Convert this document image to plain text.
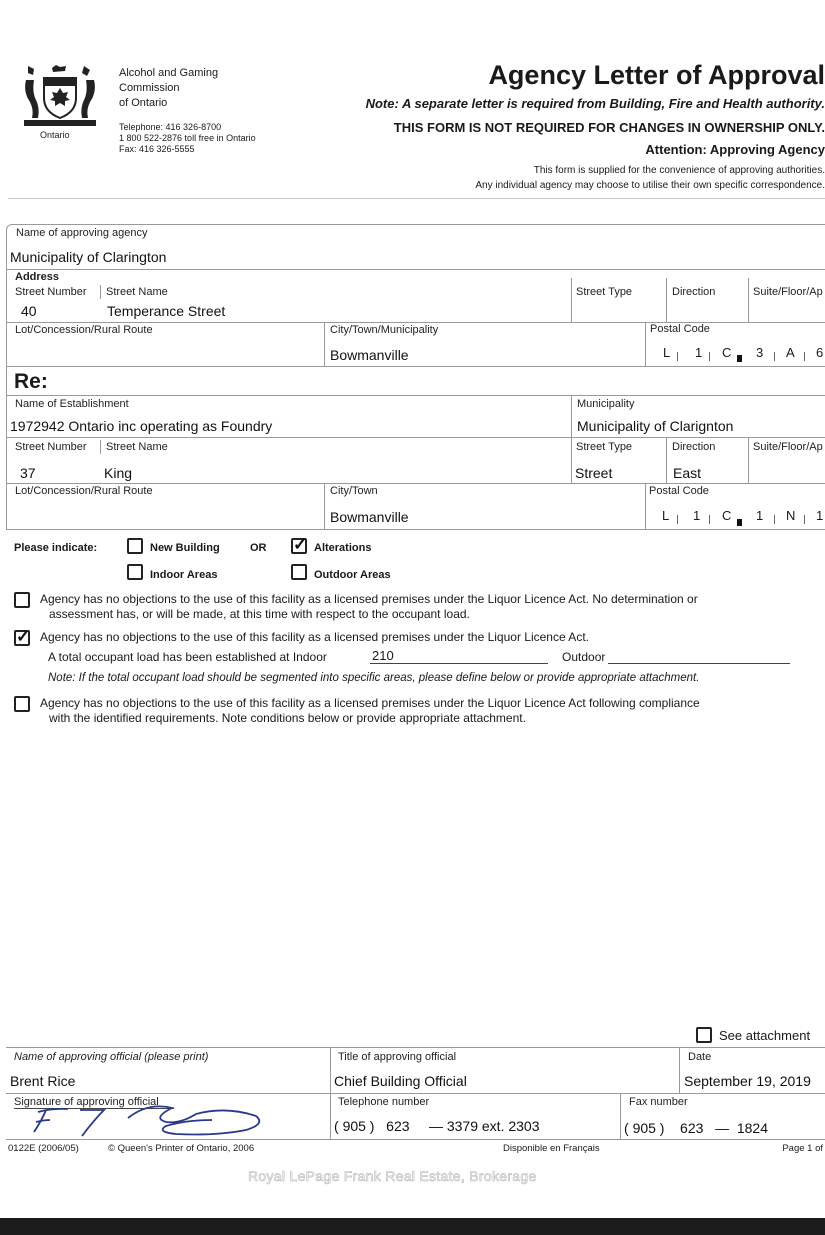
Ontario
Alcohol and Gaming
Commission
of Ontario
Telephone: 416 326-8700
1 800 522-2876 toll free in Ontario
Fax: 416 326-5555
Agency Letter of Approval
Note: A separate letter is required from Building, Fire and Health authority.
THIS FORM IS NOT REQUIRED FOR CHANGES IN OWNERSHIP ONLY.
Attention: Approving Agency
This form is supplied for the convenience of approving authorities.
Any individual agency may choose to utilise their own specific correspondence.
Name of approving agency
Municipality of Clarington
Address
Street Number Street Name	Street Type	Direction	Suite/Floor/Ap
40	Temperance Street
Lot/Concession/Rural Route	City/Town/Municipality
Bowmanville
Postal Code
L 1 C 3 A 6
Re:
Name of Establishment
1972942 Ontario inc operating as Foundry
Municipality
Municipality of Clarignton
Street Number Street Name	Street Type	Direction	Suite/Floor/Ap
37	King	Street	East
Lot/Concession/Rural Route	City/Town
Bowmanville
Postal Code
L 1 C 1 N 1
Please indicate:	New Building	OR
✓	Alterations
Indoor Areas	Outdoor Areas
Agency has no objections to the use of this facility as a licensed premises under the Liquor Licence Act. No determination or
assessment has, or will be made, at this time with respect to the occupant load.
✓
Agency has no objections to the use of this facility as a licensed premises under the Liquor Licence Act.
A total occupant load has been established at Indoor	210	Outdoor
Note: If the total occupant load should be segmented into specific areas, please define below or provide appropriate attachment.
Agency has no objections to the use of this facility as a licensed premises under the Liquor Licence Act following compliance
with the identified requirements. Note conditions below or provide appropriate attachment.
See attachment
Name of approving official (please print)
Brent Rice
Title of approving official
Chief Building Official
Date
September 19, 2019
Signature of approving official	Telephone number
( 905 )   623     — 3379 ext. 2303
Fax number
( 905 )    623   —  1824
0122E (2006/05)	© Queen's Printer of Ontario, 2006	Disponible en Français	Page 1 of
Royal LePage Frank Real Estate, Brokerage
